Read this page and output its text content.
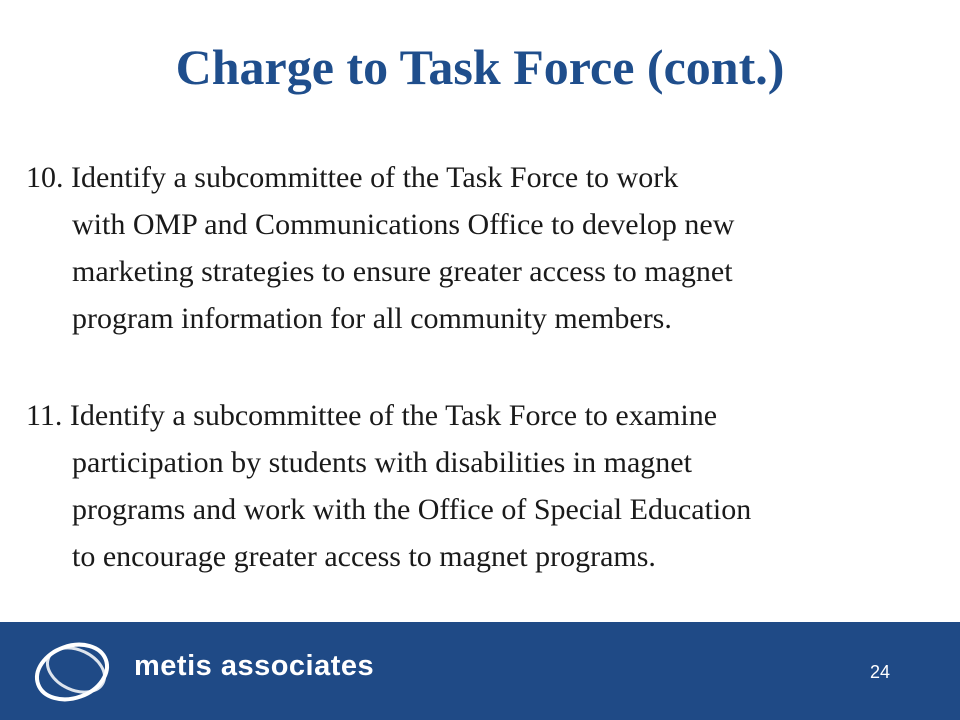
Charge to Task Force (cont.)
10. Identify a subcommittee of the Task Force to work
with OMP and Communications Office to develop new
marketing strategies to ensure greater access to magnet
program information for all community members.
11. Identify a subcommittee of the Task Force to examine
participation by students with disabilities in magnet
programs and work with the Office of Special Education
to encourage greater access to magnet programs.
metis associates	24
